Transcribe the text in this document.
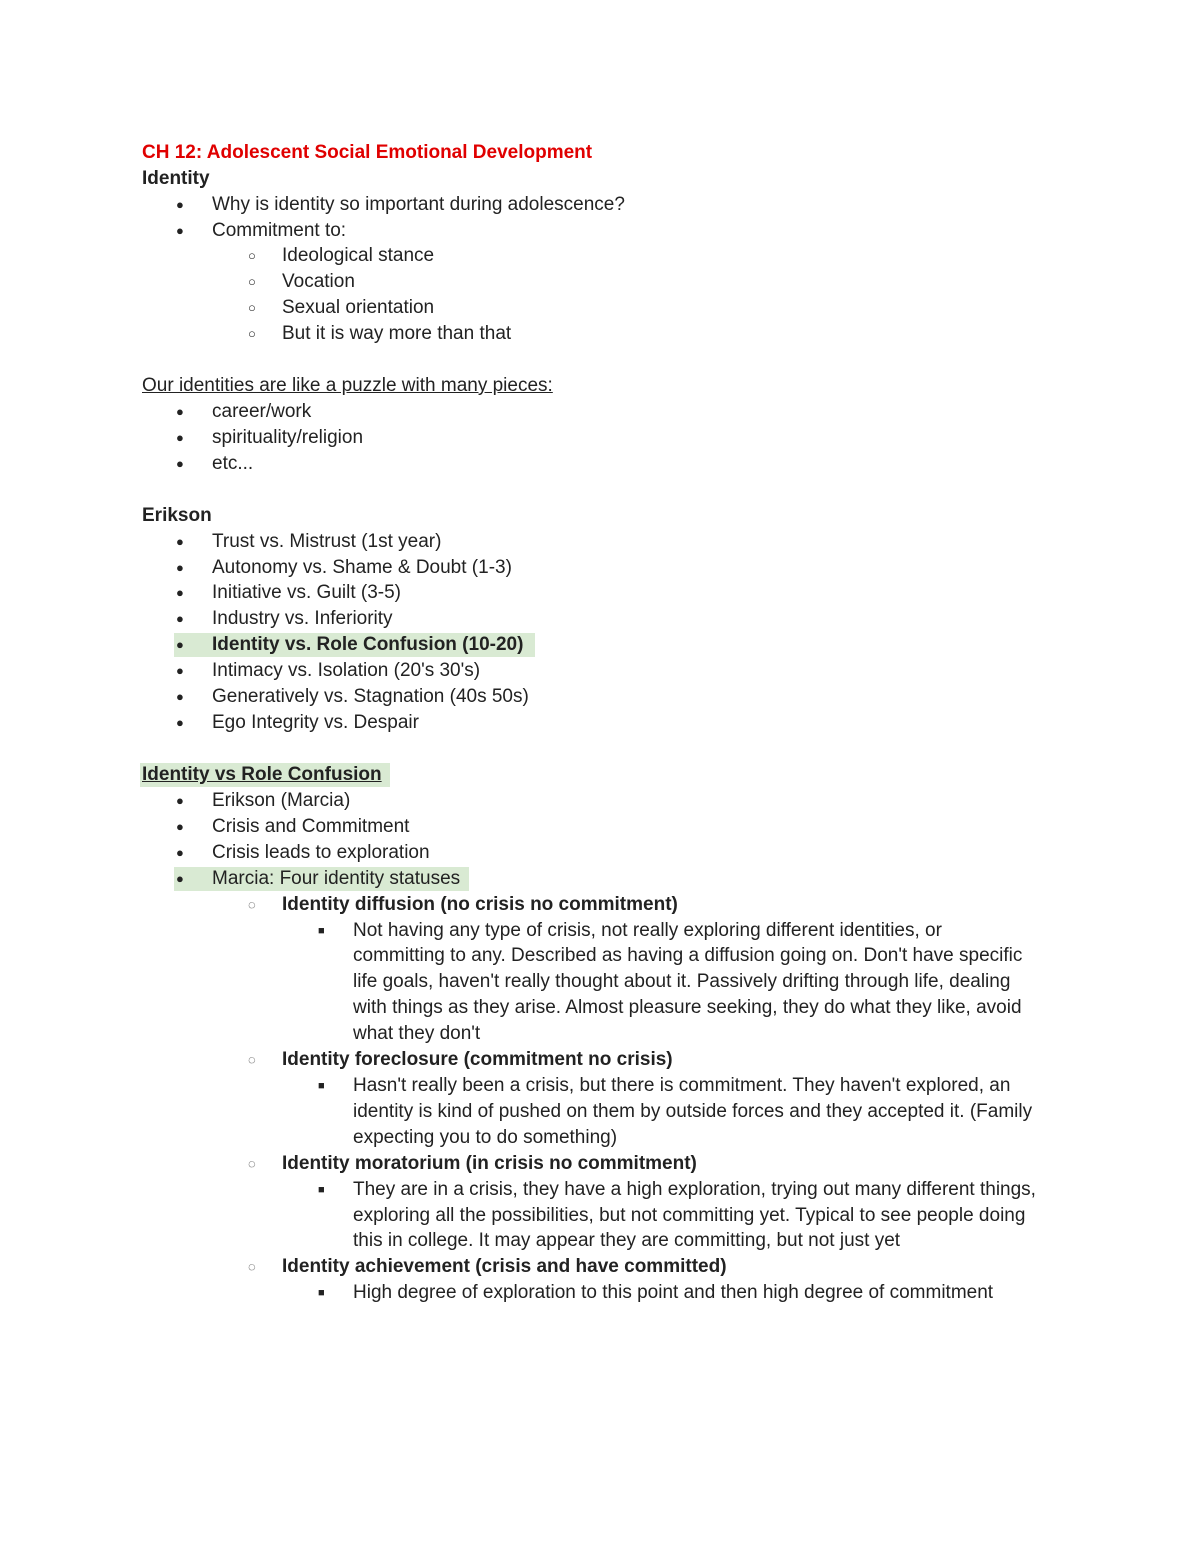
CH 12: Adolescent Social Emotional Development
Identity
● Why is identity so important during adolescence?
● Commitment to:
○ Ideological stance
○ Vocation
○ Sexual orientation
○ But it is way more than that
Our identities are like a puzzle with many pieces:
● career/work
● spirituality/religion
● etc...
Erikson
● Trust vs. Mistrust (1st year)
● Autonomy vs. Shame & Doubt (1-3)
● Initiative vs. Guilt (3-5)
● Industry vs. Inferiority
● Identity vs. Role Confusion (10-20)
● Intimacy vs. Isolation (20's 30's)
● Generatively vs. Stagnation (40s 50s)
● Ego Integrity vs. Despair
Identity vs Role Confusion
● Erikson (Marcia)
● Crisis and Commitment
● Crisis leads to exploration
● Marcia: Four identity statuses
◌ Identity diffusion (no crisis no commitment)
■ Not having any type of crisis, not really exploring different identities, or
committing to any. Described as having a diffusion going on. Don't have specific
life goals, haven't really thought about it. Passively drifting through life, dealing
with things as they arise. Almost pleasure seeking, they do what they like, avoid
what they don't
◌ Identity foreclosure (commitment no crisis)
■ Hasn't really been a crisis, but there is commitment. They haven't explored, an
identity is kind of pushed on them by outside forces and they accepted it. (Family
expecting you to do something)
◌ Identity moratorium (in crisis no commitment)
■ They are in a crisis, they have a high exploration, trying out many different things,
exploring all the possibilities, but not committing yet. Typical to see people doing
this in college. It may appear they are committing, but not just yet
◌ Identity achievement (crisis and have committed)
■ High degree of exploration to this point and then high degree of commitment
